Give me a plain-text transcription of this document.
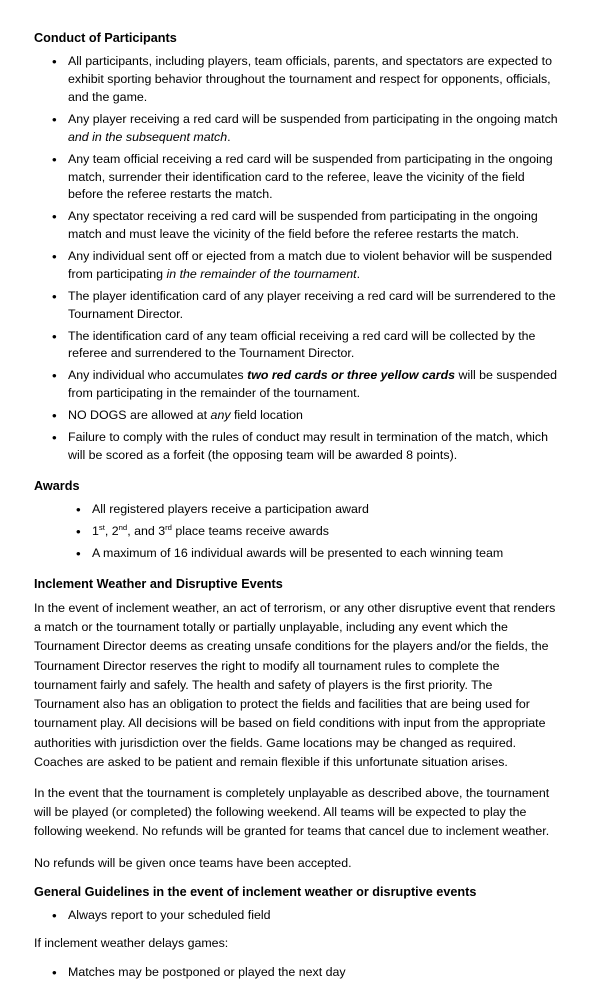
Conduct of Participants
• All participants, including players, team officials, parents, and spectators are expected to exhibit sporting behavior throughout the tournament and respect for opponents, officials, and the game.
• Any player receiving a red card will be suspended from participating in the ongoing match and in the subsequent match.
• Any team official receiving a red card will be suspended from participating in the ongoing match, surrender their identification card to the referee, leave the vicinity of the field before the referee restarts the match.
• Any spectator receiving a red card will be suspended from participating in the ongoing match and must leave the vicinity of the field before the referee restarts the match.
• Any individual sent off or ejected from a match due to violent behavior will be suspended from participating in the remainder of the tournament.
• The player identification card of any player receiving a red card will be surrendered to the Tournament Director.
• The identification card of any team official receiving a red card will be collected by the referee and surrendered to the Tournament Director.
• Any individual who accumulates two red cards or three yellow cards will be suspended from participating in the remainder of the tournament.
• NO DOGS are allowed at any field location
• Failure to comply with the rules of conduct may result in termination of the match, which will be scored as a forfeit (the opposing team will be awarded 8 points).
Awards
• All registered players receive a participation award
• 1st, 2nd, and 3rd place teams receive awards
• A maximum of 16 individual awards will be presented to each winning team
Inclement Weather and Disruptive Events

In the event of inclement weather, an act of terrorism, or any other disruptive event that renders a match or the tournament totally or partially unplayable, including any event which the Tournament Director deems as creating unsafe conditions for the players and/or the fields, the Tournament Director reserves the right to modify all tournament rules to complete the tournament fairly and safely. The health and safety of players is the first priority. The Tournament also has an obligation to protect the fields and facilities that are being used for tournament play. All decisions will be based on field conditions with input from the appropriate authorities with jurisdiction over the fields. Game locations may be changed as required. Coaches are asked to be patient and remain flexible if this unfortunate situation arises.

In the event that the tournament is completely unplayable as described above, the tournament will be played (or completed) the following weekend. All teams will be expected to play the following weekend. No refunds will be granted for teams that cancel due to inclement weather.

No refunds will be given once teams have been accepted.

General Guidelines in the event of inclement weather or disruptive events
• Always report to your scheduled field

If inclement weather delays games:

• Matches may be postponed or played the next day
